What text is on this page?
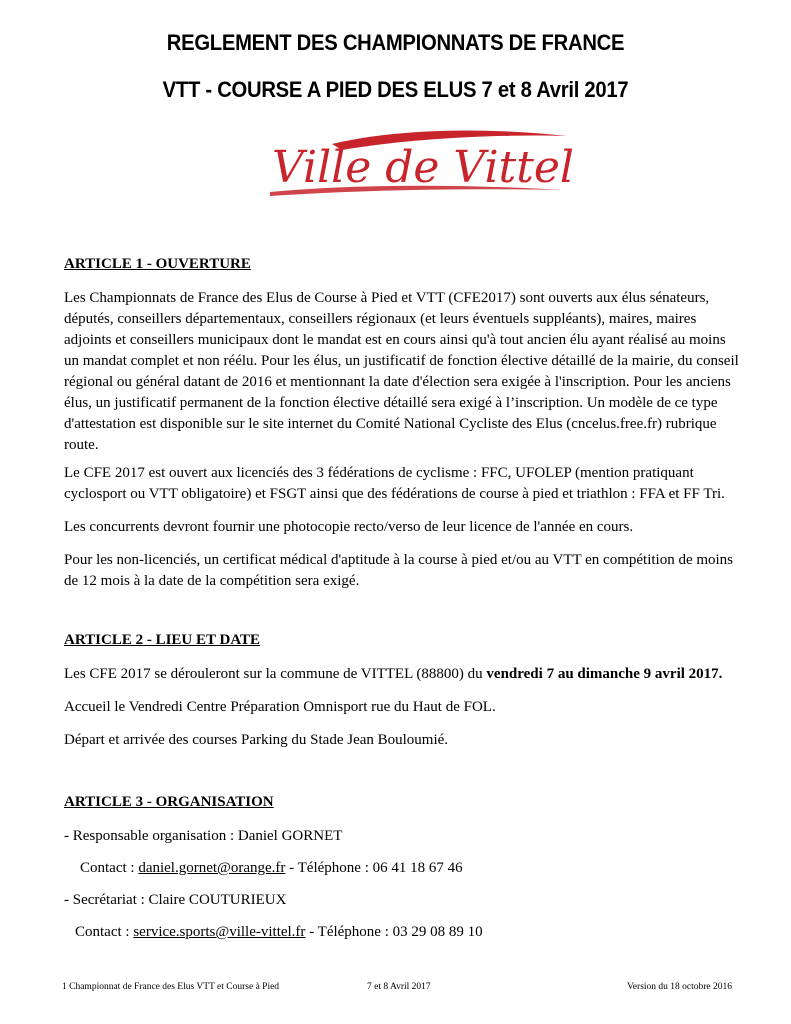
REGLEMENT DES CHAMPIONNATS DE FRANCE
VTT - COURSE A PIED DES ELUS 7 et 8 Avril 2017
Ville de Vittel
ARTICLE 1 - OUVERTURE
Les Championnats de France des Elus de Course à Pied et VTT (CFE2017) sont ouverts aux élus sénateurs, députés, conseillers départementaux, conseillers régionaux (et leurs éventuels suppléants), maires, maires adjoints et conseillers municipaux dont le mandat est en cours ainsi qu'à tout ancien élu ayant réalisé au moins un mandat complet et non réélu. Pour les élus, un justificatif de fonction élective détaillé de la mairie, du conseil régional ou général datant de 2016 et mentionnant la date d'élection sera exigée à l'inscription. Pour les anciens élus, un justificatif permanent de la fonction élective détaillé sera exigé à l’inscription. Un modèle de ce type d'attestation est disponible sur le site internet du Comité National Cycliste des Elus (cncelus.free.fr) rubrique route.
Le CFE 2017 est ouvert aux licenciés des 3 fédérations de cyclisme : FFC, UFOLEP (mention pratiquant cyclosport ou VTT obligatoire) et FSGT ainsi que des fédérations de course à pied et triathlon : FFA et FF Tri.
Les concurrents devront fournir une photocopie recto/verso de leur licence de l'année en cours.
Pour les non-licenciés, un certificat médical d'aptitude à la course à pied et/ou au VTT en compétition de moins de 12 mois à la date de la compétition sera exigé.
ARTICLE 2 - LIEU ET DATE
Les CFE 2017 se dérouleront sur la commune de VITTEL (88800) du vendredi 7 au dimanche 9 avril 2017.
Accueil le Vendredi Centre Préparation Omnisport rue du Haut de FOL.
Départ et arrivée des courses Parking du Stade Jean Bouloumié.
ARTICLE 3 - ORGANISATION
- Responsable organisation : Daniel GORNET
Contact : daniel.gornet@orange.fr - Téléphone : 06 41 18 67 46
- Secrétariat : Claire COUTURIEUX
Contact : service.sports@ville-vittel.fr - Téléphone : 03 29 08 89 10
1 Championnat de France des Elus VTT et Course à Pied	7 et 8 Avril 2017	Version du 18 octobre 2016
